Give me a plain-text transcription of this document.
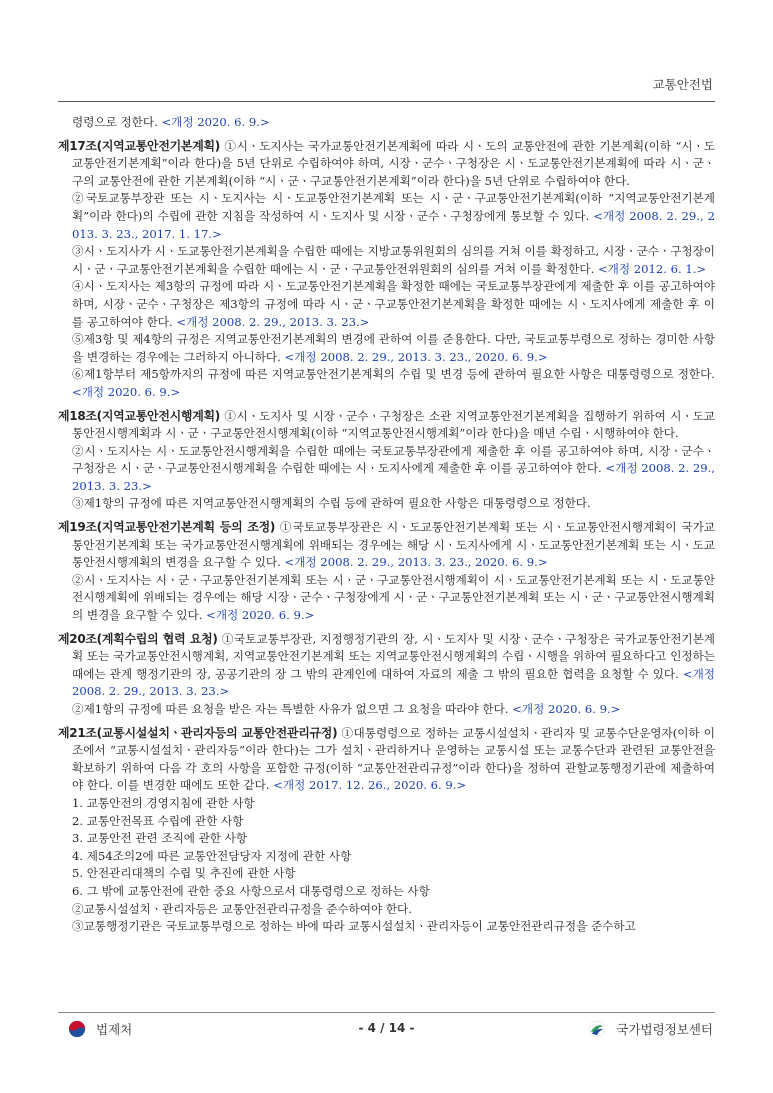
교통안전법

령령으로 정한다. <개정 2020. 6. 9.>

제17조(지역교통안전기본계획) ①시ㆍ도지사는 국가교통안전기본계획에 따라 시ㆍ도의 교통안전에 관한 기본계획(이하 “시ㆍ도교통안전기본계획”이라 한다)을 5년 단위로 수립하여야 하며, 시장ㆍ군수ㆍ구청장은 시ㆍ도교통안전기본계획에 따라 시ㆍ군ㆍ구의 교통안전에 관한 기본계획(이하 “시ㆍ군ㆍ구교통안전기본계획”이라 한다)을 5년 단위로 수립하여야 한다.

②국토교통부장관 또는 시ㆍ도지사는 시ㆍ도교통안전기본계획 또는 시ㆍ군ㆍ구교통안전기본계획(이하 “지역교통안전기본계획”이라 한다)의 수립에 관한 지침을 작성하여 시ㆍ도지사 및 시장ㆍ군수ㆍ구청장에게 통보할 수 있다. <개정 2008. 2. 29., 2013. 3. 23., 2017. 1. 17.>

③시ㆍ도지사가 시ㆍ도교통안전기본계획을 수립한 때에는 지방교통위원회의 심의를 거쳐 이를 확정하고, 시장ㆍ군수ㆍ구청장이 시ㆍ군ㆍ구교통안전기본계획을 수립한 때에는 시ㆍ군ㆍ구교통안전위원회의 심의를 거쳐 이를 확정한다. <개정 2012. 6. 1.>

④시ㆍ도지사는 제3항의 규정에 따라 시ㆍ도교통안전기본계획을 확정한 때에는 국토교통부장관에게 제출한 후 이를 공고하여야 하며, 시장ㆍ군수ㆍ구청장은 제3항의 규정에 따라 시ㆍ군ㆍ구교통안전기본계획을 확정한 때에는 시ㆍ도지사에게 제출한 후 이를 공고하여야 한다. <개정 2008. 2. 29., 2013. 3. 23.>

⑤제3항 및 제4항의 규정은 지역교통안전기본계획의 변경에 관하여 이를 준용한다. 다만, 국토교통부령으로 정하는 경미한 사항을 변경하는 경우에는 그러하지 아니하다. <개정 2008. 2. 29., 2013. 3. 23., 2020. 6. 9.>

⑥제1항부터 제5항까지의 규정에 따른 지역교통안전기본계획의 수립 및 변경 등에 관하여 필요한 사항은 대통령령으로 정한다. <개정 2020. 6. 9.>

제18조(지역교통안전시행계획) ①시ㆍ도지사 및 시장ㆍ군수ㆍ구청장은 소관 지역교통안전기본계획을 집행하기 위하여 시ㆍ도교통안전시행계획과 시ㆍ군ㆍ구교통안전시행계획(이하 “지역교통안전시행계획”이라 한다)을 매년 수립ㆍ시행하여야 한다.

②시ㆍ도지사는 시ㆍ도교통안전시행계획을 수립한 때에는 국토교통부장관에게 제출한 후 이를 공고하여야 하며, 시장ㆍ군수ㆍ구청장은 시ㆍ군ㆍ구교통안전시행계획을 수립한 때에는 시ㆍ도지사에게 제출한 후 이를 공고하여야 한다. <개정 2008. 2. 29., 2013. 3. 23.>

③제1항의 규정에 따른 지역교통안전시행계획의 수립 등에 관하여 필요한 사항은 대통령령으로 정한다.

제19조(지역교통안전기본계획 등의 조정) ①국토교통부장관은 시ㆍ도교통안전기본계획 또는 시ㆍ도교통안전시행계획이 국가교통안전기본계획 또는 국가교통안전시행계획에 위배되는 경우에는 해당 시ㆍ도지사에게 시ㆍ도교통안전기본계획 또는 시ㆍ도교통안전시행계획의 변경을 요구할 수 있다. <개정 2008. 2. 29., 2013. 3. 23., 2020. 6. 9.>

②시ㆍ도지사는 시ㆍ군ㆍ구교통안전기본계획 또는 시ㆍ군ㆍ구교통안전시행계획이 시ㆍ도교통안전기본계획 또는 시ㆍ도교통안전시행계획에 위배되는 경우에는 해당 시장ㆍ군수ㆍ구청장에게 시ㆍ군ㆍ구교통안전기본계획 또는 시ㆍ군ㆍ구교통안전시행계획의 변경을 요구할 수 있다. <개정 2020. 6. 9.>

제20조(계획수립의 협력 요청) ①국토교통부장관, 지정행정기관의 장, 시ㆍ도지사 및 시장ㆍ군수ㆍ구청장은 국가교통안전기본계획 또는 국가교통안전시행계획, 지역교통안전기본계획 또는 지역교통안전시행계획의 수립ㆍ시행을 위하여 필요하다고 인정하는 때에는 관계 행정기관의 장, 공공기관의 장 그 밖의 관계인에 대하여 자료의 제출 그 밖의 필요한 협력을 요청할 수 있다. <개정 2008. 2. 29., 2013. 3. 23.>

②제1항의 규정에 따른 요청을 받은 자는 특별한 사유가 없으면 그 요청을 따라야 한다. <개정 2020. 6. 9.>

제21조(교통시설설치ㆍ관리자등의 교통안전관리규정) ①대통령령으로 정하는 교통시설설치ㆍ관리자 및 교통수단운영자(이하 이 조에서 “교통시설설치ㆍ관리자등”이라 한다)는 그가 설치ㆍ관리하거나 운영하는 교통시설 또는 교통수단과 관련된 교통안전을 확보하기 위하여 다음 각 호의 사항을 포함한 규정(이하 “교통안전관리규정”이라 한다)을 정하여 관할교통행정기관에 제출하여야 한다. 이를 변경한 때에도 또한 같다. <개정 2017. 12. 26., 2020. 6. 9.>

1. 교통안전의 경영지침에 관한 사항

2. 교통안전목표 수립에 관한 사항

3. 교통안전 관련 조직에 관한 사항

4. 제54조의2에 따른 교통안전담당자 지정에 관한 사항

5. 안전관리대책의 수립 및 추진에 관한 사항

6. 그 밖에 교통안전에 관한 중요 사항으로서 대통령령으로 정하는 사항

②교통시설설치ㆍ관리자등은 교통안전관리규정을 준수하여야 한다.

③교통행정기관은 국토교통부령으로 정하는 바에 따라 교통시설설치ㆍ관리자등이 교통안전관리규정을 준수하고

법제처	- 4 / 14 -	국가법령정보센터
